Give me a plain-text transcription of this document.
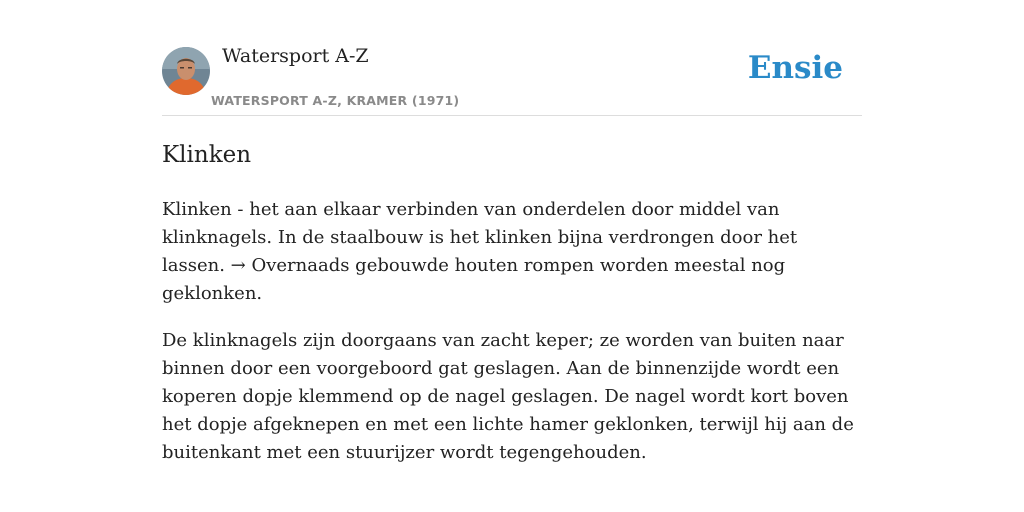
Watersport A-Z
WATERSPORT A-Z, KRAMER (1971)
Ensie
Klinken

Klinken - het aan elkaar verbinden van onderdelen door middel van klinknagels. In de staalbouw is het klinken bijna verdrongen door het lassen. → Overnaads gebouwde houten rompen worden meestal nog geklonken.

De klinknagels zijn doorgaans van zacht keper; ze worden van buiten naar binnen door een voorgeboord gat geslagen. Aan de binnenzijde wordt een koperen dopje klemmend op de nagel geslagen. De nagel wordt kort boven het dopje afgeknepen en met een lichte hamer geklonken, terwijl hij aan de buitenkant met een stuurijzer wordt tegengehouden.
